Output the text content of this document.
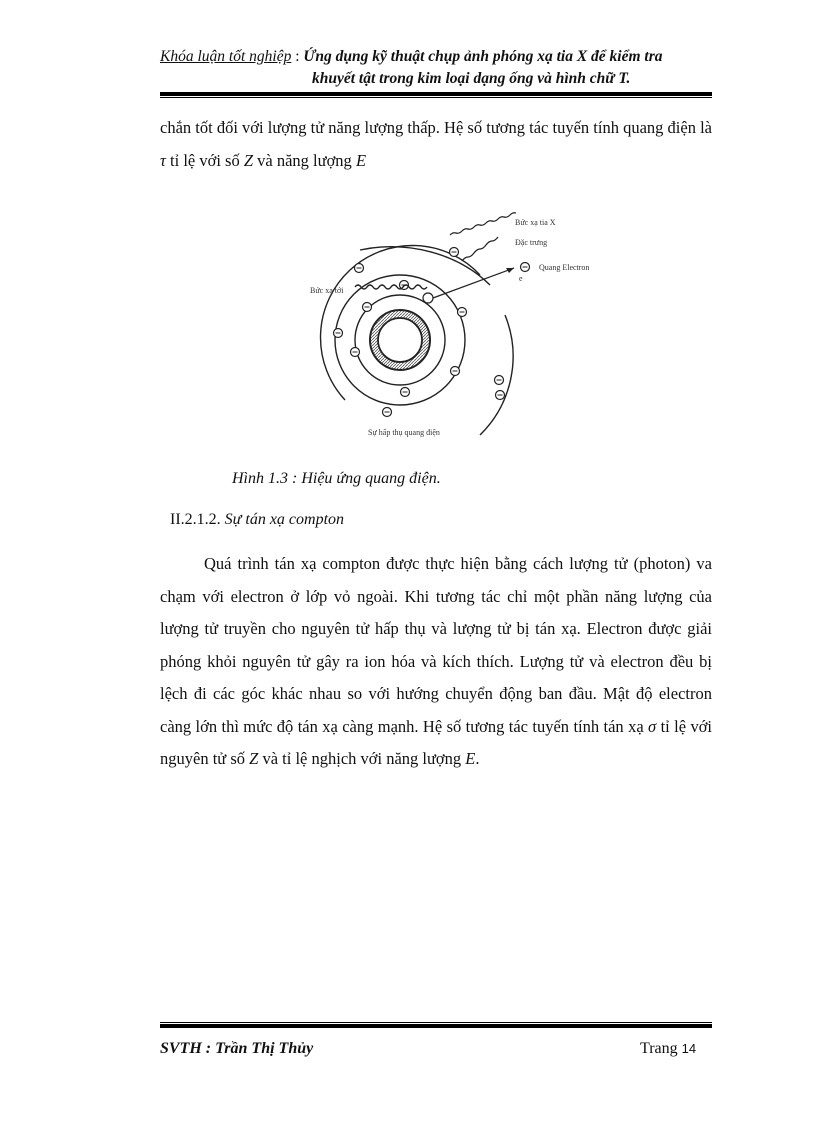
Khóa luận tốt nghiệp : Ứng dụng kỹ thuật chụp ảnh phóng xạ tia X để kiểm tra
khuyết tật trong kim loại dạng ống và hình chữ T.

chắn tốt đối với lượng tử năng lượng thấp. Hệ số tương tác tuyến tính quang điện là τ tỉ lệ với số Z và năng lượng E

e
Bức xạ tia X
Đặc trưng
Quang Electron
Bức xạ tới
Sự hấp thụ quang điện
Hình 1.3 : Hiệu ứng quang điện.
II.2.1.2. Sự tán xạ compton

Quá trình tán xạ compton được thực hiện bằng cách lượng tử (photon) va chạm với electron ở lớp vỏ ngoài. Khi tương tác chỉ một phần năng lượng của lượng tử truyền cho nguyên tử hấp thụ và lượng tử bị tán xạ. Electron được giải phóng khỏi nguyên tử gây ra ion hóa và kích thích. Lượng tử và electron đều bị lệch đi các góc khác nhau so với hướng chuyển động ban đầu. Mật độ electron càng lớn thì mức độ tán xạ càng mạnh. Hệ số tương tác tuyến tính tán xạ σ tỉ lệ với nguyên tử số Z và tỉ lệ nghịch với năng lượng E.

SVTH : Trần Thị Thủy	Trang 14
